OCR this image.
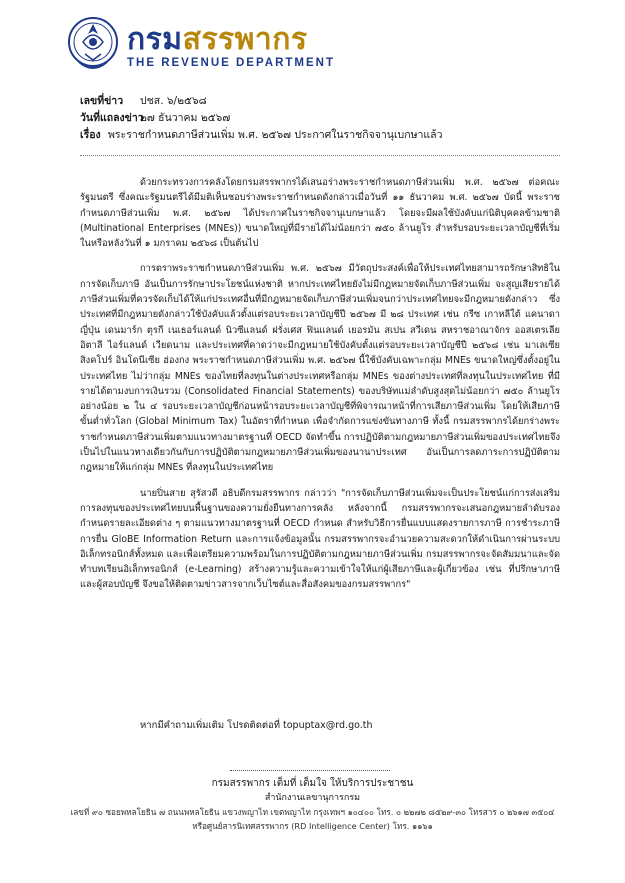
กรมสรรพากร
THE REVENUE DEPARTMENT
เลขที่ข่าว	ปชส. ๖/๒๕๖๘
วันที่แถลงข่าว
๒๗ ธันวาคม ๒๕๖๗
เรื่อง พระราชกำหนดภาษีส่วนเพิ่ม พ.ศ. ๒๕๖๗ ประกาศในราชกิจจานุเบกษาแล้ว

ด้วยกระทรวงการคลังโดยกรมสรรพากรได้เสนอร่างพระราชกำหนดภาษีส่วนเพิ่ม พ.ศ. ๒๕๖๗ ต่อคณะรัฐมนตรี ซึ่งคณะรัฐมนตรีได้มีมติเห็นชอบร่างพระราชกำหนดดังกล่าวเมื่อวันที่ ๑๑ ธันวาคม พ.ศ. ๒๕๖๗ บัดนี้ พระราชกำหนดภาษีส่วนเพิ่ม พ.ศ. ๒๕๖๗ ได้ประกาศในราชกิจจานุเบกษาแล้ว โดยจะมีผลใช้บังคับแก่นิติบุคคลข้ามชาติ (Multinational Enterprises (MNEs)) ขนาดใหญ่ที่มีรายได้ไม่น้อยกว่า ๗๕๐ ล้านยูโร สำหรับรอบระยะเวลาบัญชีที่เริ่มในหรือหลังวันที่ ๑ มกราคม ๒๕๖๘ เป็นต้นไป

การตราพระราชกำหนดภาษีส่วนเพิ่ม พ.ศ. ๒๕๖๗ มีวัตถุประสงค์เพื่อให้ประเทศไทยสามารถรักษาสิทธิในการจัดเก็บภาษี อันเป็นการรักษาประโยชน์แห่งชาติ หากประเทศไทยยังไม่มีกฎหมายจัดเก็บภาษีส่วนเพิ่ม จะสูญเสียรายได้ภาษีส่วนเพิ่มที่ควรจัดเก็บได้ให้แก่ประเทศอื่นที่มีกฎหมายจัดเก็บภาษีส่วนเพิ่มจนกว่าประเทศไทยจะมีกฎหมายดังกล่าว ซึ่งประเทศที่มีกฎหมายดังกล่าวใช้บังคับแล้วตั้งแต่รอบระยะเวลาบัญชีปี ๒๕๖๗ มี ๒๘ ประเทศ เช่น กรีซ เกาหลีใต้ แคนาดา ญี่ปุ่น เดนมาร์ก ตุรกี เนเธอร์แลนด์ นิวซีแลนด์ ฝรั่งเศส ฟินแลนด์ เยอรมัน สเปน สวีเดน สหราชอาณาจักร ออสเตรเลีย อิตาลี ไอร์แลนด์ เวียดนาม และประเทศที่คาดว่าจะมีกฎหมายใช้บังคับตั้งแต่รอบระยะเวลาบัญชีปี ๒๕๖๘ เช่น มาเลเซีย สิงคโปร์ อินโดนีเซีย ฮ่องกง พระราชกำหนดภาษีส่วนเพิ่ม พ.ศ. ๒๕๖๗ นี้ใช้บังคับเฉพาะกลุ่ม MNEs ขนาดใหญ่ซึ่งตั้งอยู่ในประเทศไทย ไม่ว่ากลุ่ม MNEs ของไทยที่ลงทุนในต่างประเทศหรือกลุ่ม MNEs ของต่างประเทศที่ลงทุนในประเทศไทย ที่มีรายได้ตามงบการเงินรวม (Consolidated Financial Statements) ของบริษัทแม่ลำดับสูงสุดไม่น้อยกว่า ๗๕๐ ล้านยูโรอย่างน้อย ๒ ใน ๔ รอบระยะเวลาบัญชีก่อนหน้ารอบระยะเวลาบัญชีที่พิจารณาหน้าที่การเสียภาษีส่วนเพิ่ม โดยให้เสียภาษีขั้นต่ำทั่วโลก (Global Minimum Tax) ในอัตราที่กำหนด เพื่อจำกัดการแข่งขันทางภาษี ทั้งนี้ กรมสรรพากรได้ยกร่างพระราชกำหนดภาษีส่วนเพิ่มตามแนวทางมาตรฐานที่ OECD จัดทำขึ้น การปฏิบัติตามกฎหมายภาษีส่วนเพิ่มของประเทศไทยจึงเป็นไปในแนวทางเดียวกันกับการปฏิบัติตามกฎหมายภาษีส่วนเพิ่มของนานาประเทศ อันเป็นการลดภาระการปฏิบัติตามกฎหมายให้แก่กลุ่ม MNEs ที่ลงทุนในประเทศไทย

นายปิ่นสาย สุรัสวดี อธิบดีกรมสรรพากร กล่าวว่า "การจัดเก็บภาษีส่วนเพิ่มจะเป็นประโยชน์แก่การส่งเสริมการลงทุนของประเทศไทยบนพื้นฐานของความยั่งยืนทางการคลัง หลังจากนี้ กรมสรรพากรจะเสนอกฎหมายลำดับรองกำหนดรายละเอียดต่าง ๆ ตามแนวทางมาตรฐานที่ OECD กำหนด สำหรับวิธีการยื่นแบบแสดงรายการภาษี การชำระภาษี การยื่น GloBE Information Return และการแจ้งข้อมูลนั้น กรมสรรพากรจะอำนวยความสะดวกให้ดำเนินการผ่านระบบอิเล็กทรอนิกส์ทั้งหมด และเพื่อเตรียมความพร้อมในการปฏิบัติตามกฎหมายภาษีส่วนเพิ่ม กรมสรรพากรจะจัดสัมมนาและจัดทำบทเรียนอิเล็กทรอนิกส์ (e-Learning) สร้างความรู้และความเข้าใจให้แก่ผู้เสียภาษีและผู้เกี่ยวข้อง เช่น ที่ปรึกษาภาษีและผู้สอบบัญชี จึงขอให้ติดตามข่าวสารจากเว็บไซต์และสื่อสังคมของกรมสรรพากร"

หากมีคำถามเพิ่มเติม โปรดติดต่อที่ topuptax@rd.go.th
กรมสรรพากร เต็มที่ เต็มใจ ให้บริการประชาชน
สำนักงานเลขานุการกรม
เลขที่ ๙๐ ซอยพหลโยธิน ๗ ถนนพหลโยธิน แขวงพญาไท เขตพญาไท กรุงเทพฯ ๑๐๔๐๐ โทร. ๐ ๒๒๗๒ ๘๕๒๙-๓๐ โทรสาร ๐ ๒๖๑๗ ๓๕๐๔
หรือศูนย์สารนิเทศสรรพากร (RD Intelligence Center) โทร. ๑๑๖๑
